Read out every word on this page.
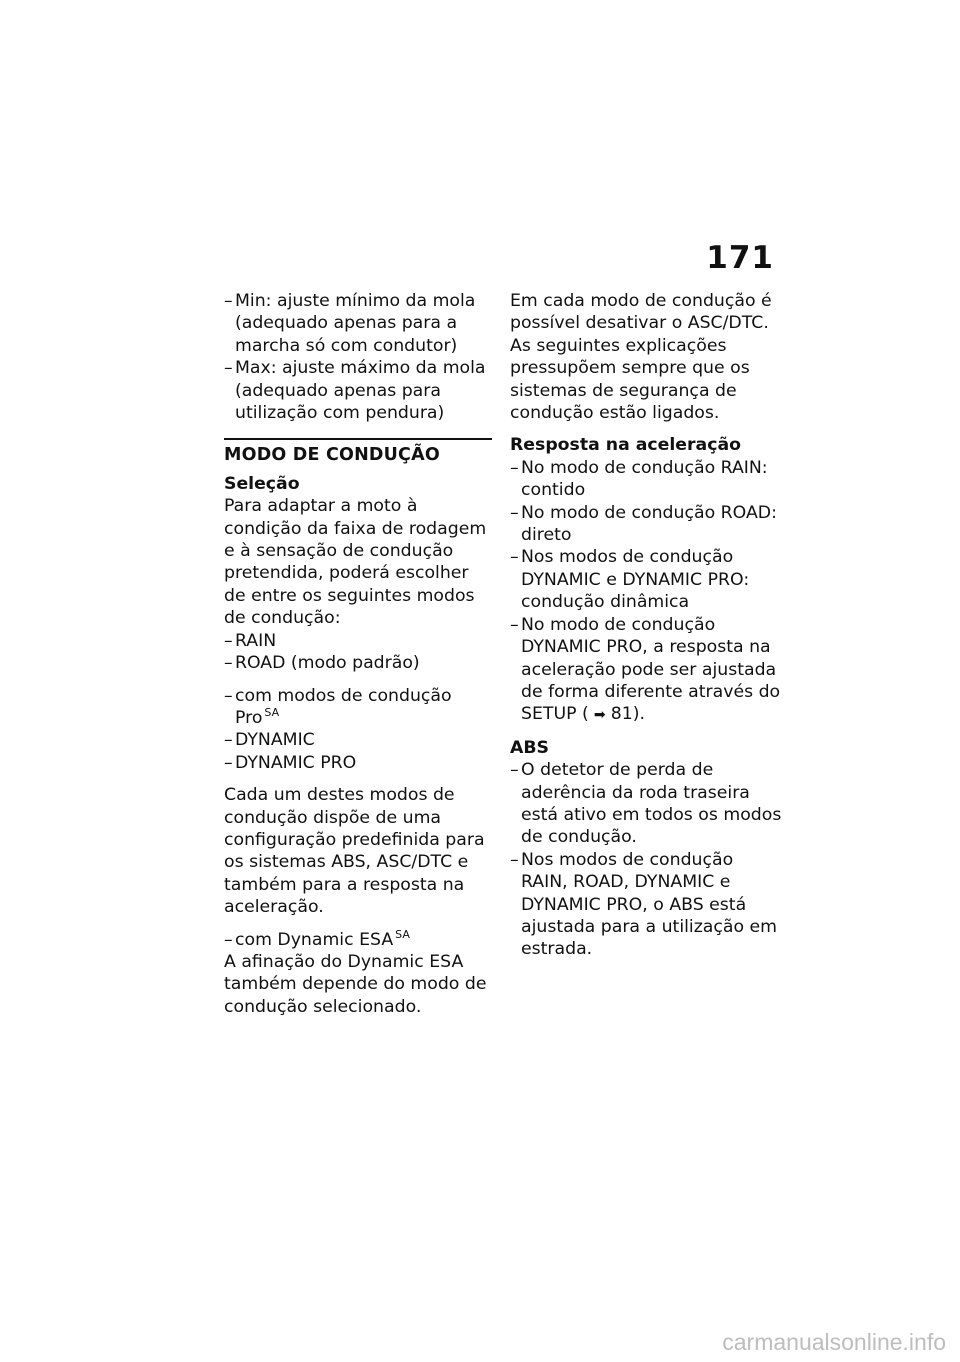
171
– Min: ajuste mínimo da mola (adequado apenas para a marcha só com condutor)
– Max: ajuste máximo da mola (adequado apenas para utilização com pendura)
MODO DE CONDUÇÃO
Seleção

Para adaptar a moto à condição da faixa de rodagem e à sensação de condução pretendida, poderá escolher de entre os seguintes modos de condução:

– RAIN
– ROAD (modo padrão)
– com modos de condução Pro $^{SA}$
– DYNAMIC
– DYNAMIC PRO

Cada um destes modos de condução dispõe de uma configuração predefinida para os sistemas ABS, ASC/DTC e também para a resposta na aceleração.

– com Dynamic ESA $^{SA}$

A afinação do Dynamic ESA também depende do modo de condução selecionado.

Em cada modo de condução é possível desativar o ASC/DTC. As seguintes explicações pressupõem sempre que os sistemas de segurança de condução estão ligados.

Resposta na aceleração
– No modo de condução RAIN: contido
– No modo de condução ROAD: direto
– Nos modos de condução DYNAMIC e DYNAMIC PRO: condução dinâmica
– No modo de condução DYNAMIC PRO, a resposta na aceleração pode ser ajustada de forma diferente através do SETUP ( ➡ 81).
ABS
– O detetor de perda de aderência da roda traseira está ativo em todos os modos de condução.
– Nos modos de condução RAIN, ROAD, DYNAMIC e DYNAMIC PRO, o ABS está ajustada para a utilização em estrada.
carmanualsonline.info
